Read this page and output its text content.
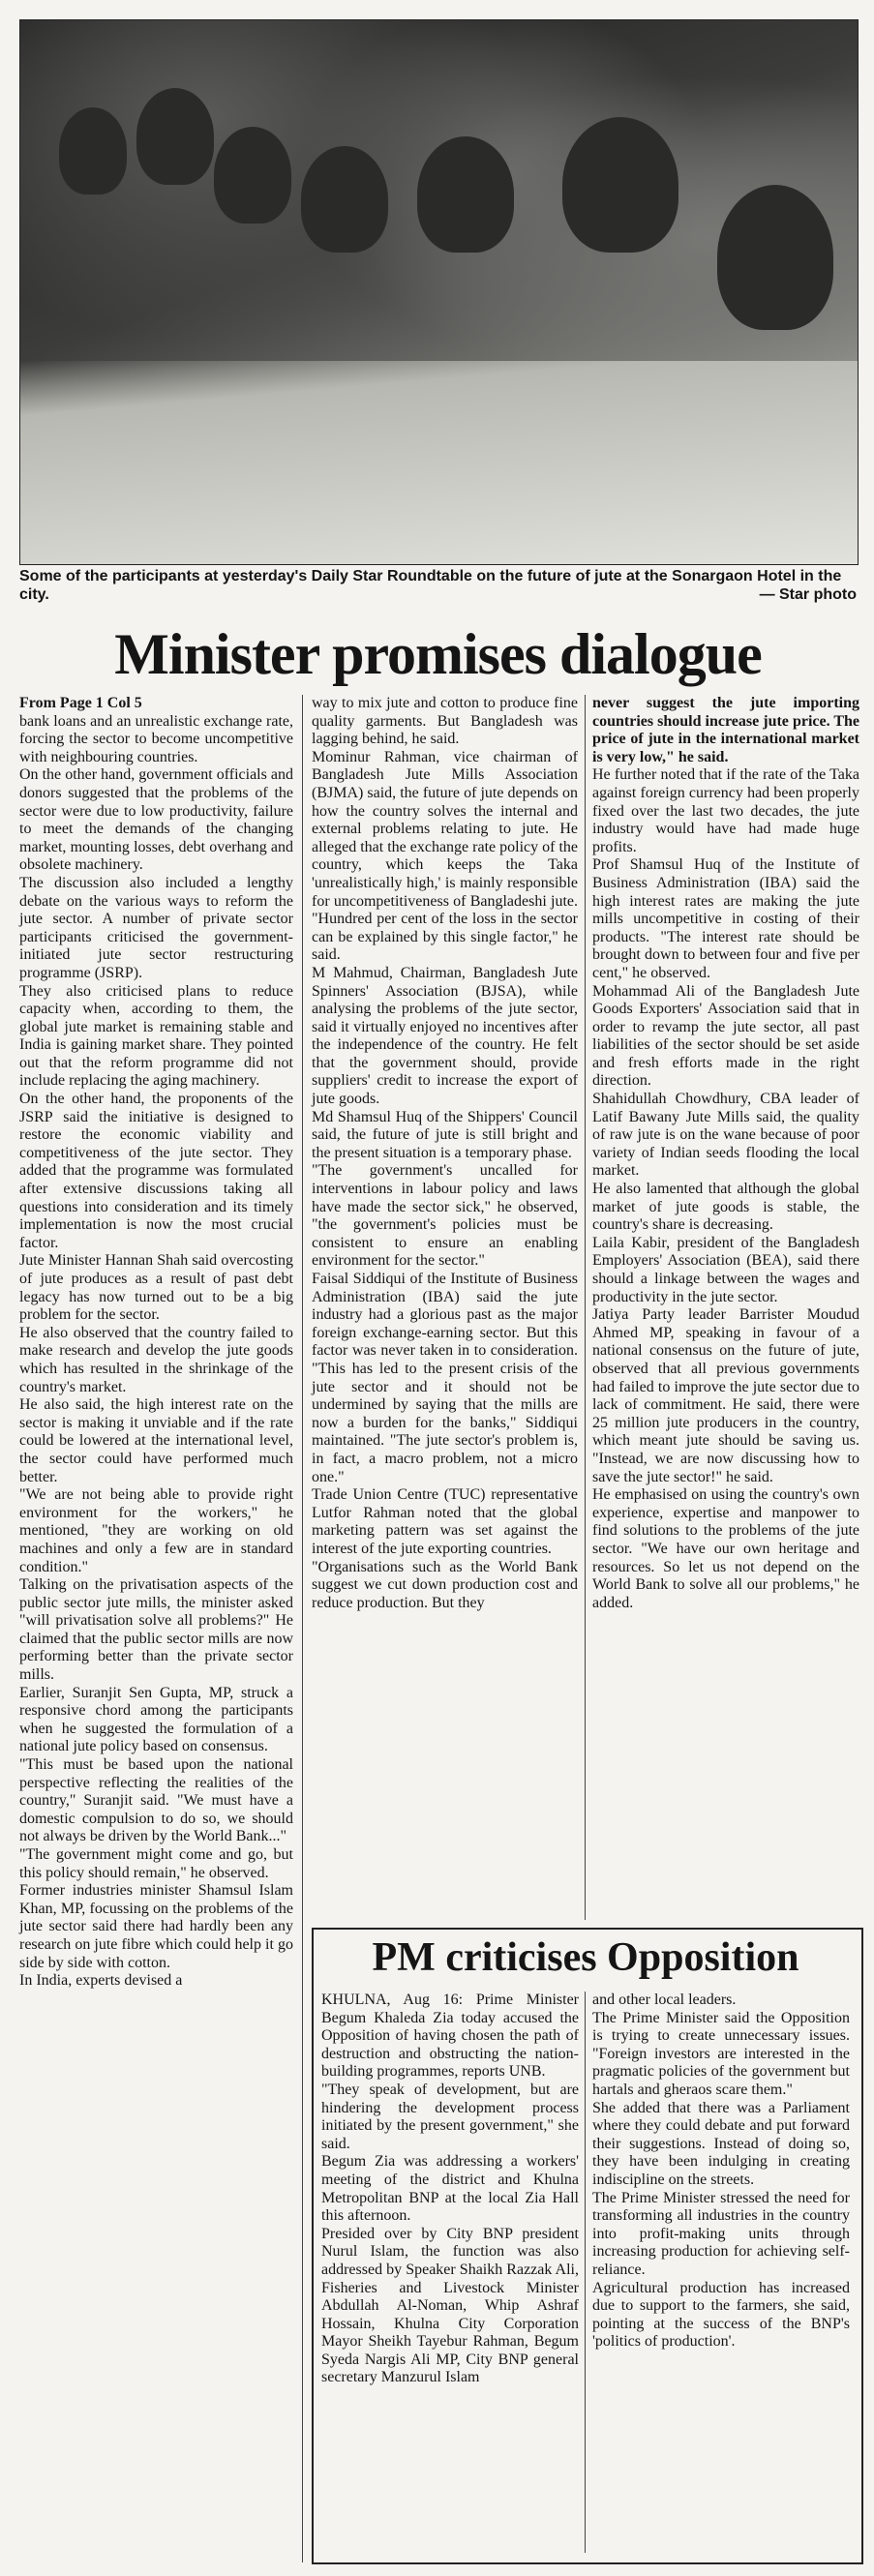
Some of the participants at yesterday's Daily Star Roundtable on the future of jute at the Sonargaon Hotel in the city.	— Star photo
Minister promises dialogue

From Page 1 Col 5

bank loans and an unrealistic exchange rate, forcing the sector to become uncompetitive with neighbouring countries.

On the other hand, government officials and donors suggested that the problems of the sector were due to low productivity, failure to meet the demands of the changing market, mounting losses, debt overhang and obsolete machinery.

The discussion also included a lengthy debate on the various ways to reform the jute sector. A number of private sector participants criticised the government-initiated jute sector restructuring programme (JSRP).

They also criticised plans to reduce capacity when, according to them, the global jute market is remaining stable and India is gaining market share. They pointed out that the reform programme did not include replacing the aging machinery.

On the other hand, the proponents of the JSRP said the initiative is designed to restore the economic viability and competitiveness of the jute sector. They added that the programme was formulated after extensive discussions taking all questions into consideration and its timely implementation is now the most crucial factor.

Jute Minister Hannan Shah said overcosting of jute produces as a result of past debt legacy has now turned out to be a big problem for the sector.

He also observed that the country failed to make research and develop the jute goods which has resulted in the shrinkage of the country's market.

He also said, the high interest rate on the sector is making it unviable and if the rate could be lowered at the international level, the sector could have performed much better.

"We are not being able to provide right environment for the workers," he mentioned, "they are working on old machines and only a few are in standard condition."

Talking on the privatisation aspects of the public sector jute mills, the minister asked "will privatisation solve all problems?" He claimed that the public sector mills are now performing better than the private sector mills.

Earlier, Suranjit Sen Gupta, MP, struck a responsive chord among the participants when he suggested the formulation of a national jute policy based on consensus.

"This must be based upon the national perspective reflecting the realities of the country," Suranjit said. "We must have a domestic compulsion to do so, we should not always be driven by the World Bank..."

"The government might come and go, but this policy should remain," he observed.

Former industries minister Shamsul Islam Khan, MP, focussing on the problems of the jute sector said there had hardly been any research on jute fibre which could help it go side by side with cotton.

In India, experts devised a

way to mix jute and cotton to produce fine quality garments. But Bangladesh was lagging behind, he said.

Mominur Rahman, vice chairman of Bangladesh Jute Mills Association (BJMA) said, the future of jute depends on how the country solves the internal and external problems relating to jute. He alleged that the exchange rate policy of the country, which keeps the Taka 'unrealistically high,' is mainly responsible for uncompetitiveness of Bangladeshi jute. "Hundred per cent of the loss in the sector can be explained by this single factor," he said.

M Mahmud, Chairman, Bangladesh Jute Spinners' Association (BJSA), while analysing the problems of the jute sector, said it virtually enjoyed no incentives after the independence of the country. He felt that the government should, provide suppliers' credit to increase the export of jute goods.

Md Shamsul Huq of the Shippers' Council said, the future of jute is still bright and the present situation is a temporary phase.

"The government's uncalled for interventions in labour policy and laws have made the sector sick," he observed, "the government's policies must be consistent to ensure an enabling environment for the sector."

Faisal Siddiqui of the Institute of Business Administration (IBA) said the jute industry had a glorious past as the major foreign exchange-earning sector. But this factor was never taken in to consideration. "This has led to the present crisis of the jute sector and it should not be undermined by saying that the mills are now a burden for the banks," Siddiqui maintained. "The jute sector's problem is, in fact, a macro problem, not a micro one."

Trade Union Centre (TUC) representative Lutfor Rahman noted that the global marketing pattern was set against the interest of the jute exporting countries.

"Organisations such as the World Bank suggest we cut down production cost and reduce production. But they

never suggest the jute importing countries should increase jute price. The price of jute in the international market is very low," he said.

He further noted that if the rate of the Taka against foreign currency had been properly fixed over the last two decades, the jute industry would have had made huge profits.

Prof Shamsul Huq of the Institute of Business Administration (IBA) said the high interest rates are making the jute mills uncompetitive in costing of their products. "The interest rate should be brought down to between four and five per cent," he observed.

Mohammad Ali of the Bangladesh Jute Goods Exporters' Association said that in order to revamp the jute sector, all past liabilities of the sector should be set aside and fresh efforts made in the right direction.

Shahidullah Chowdhury, CBA leader of Latif Bawany Jute Mills said, the quality of raw jute is on the wane because of poor variety of Indian seeds flooding the local market.

He also lamented that although the global market of jute goods is stable, the country's share is decreasing.

Laila Kabir, president of the Bangladesh Employers' Association (BEA), said there should a linkage between the wages and productivity in the jute sector.

Jatiya Party leader Barrister Moudud Ahmed MP, speaking in favour of a national consensus on the future of jute, observed that all previous governments had failed to improve the jute sector due to lack of commitment. He said, there were 25 million jute producers in the country, which meant jute should be saving us. "Instead, we are now discussing how to save the jute sector!" he said.

He emphasised on using the country's own experience, expertise and manpower to find solutions to the problems of the jute sector. "We have our own heritage and resources. So let us not depend on the World Bank to solve all our problems," he added.

PM criticises Opposition

KHULNA, Aug 16: Prime Minister Begum Khaleda Zia today accused the Opposition of having chosen the path of destruction and obstructing the nation-building programmes, reports UNB.

"They speak of development, but are hindering the development process initiated by the present government," she said.

Begum Zia was addressing a workers' meeting of the district and Khulna Metropolitan BNP at the local Zia Hall this afternoon.

Presided over by City BNP president Nurul Islam, the function was also addressed by Speaker Shaikh Razzak Ali, Fisheries and Livestock Minister Abdullah Al-Noman, Whip Ashraf Hossain, Khulna City Corporation Mayor Sheikh Tayebur Rahman, Begum Syeda Nargis Ali MP, City BNP general secretary Manzurul Islam

and other local leaders.

The Prime Minister said the Opposition is trying to create unnecessary issues. "Foreign investors are interested in the pragmatic policies of the government but hartals and gheraos scare them."

She added that there was a Parliament where they could debate and put forward their suggestions. Instead of doing so, they have been indulging in creating indiscipline on the streets.

The Prime Minister stressed the need for transforming all industries in the country into profit-making units through increasing production for achieving self-reliance.

Agricultural production has increased due to support to the farmers, she said, pointing at the success of the BNP's 'politics of production'.
